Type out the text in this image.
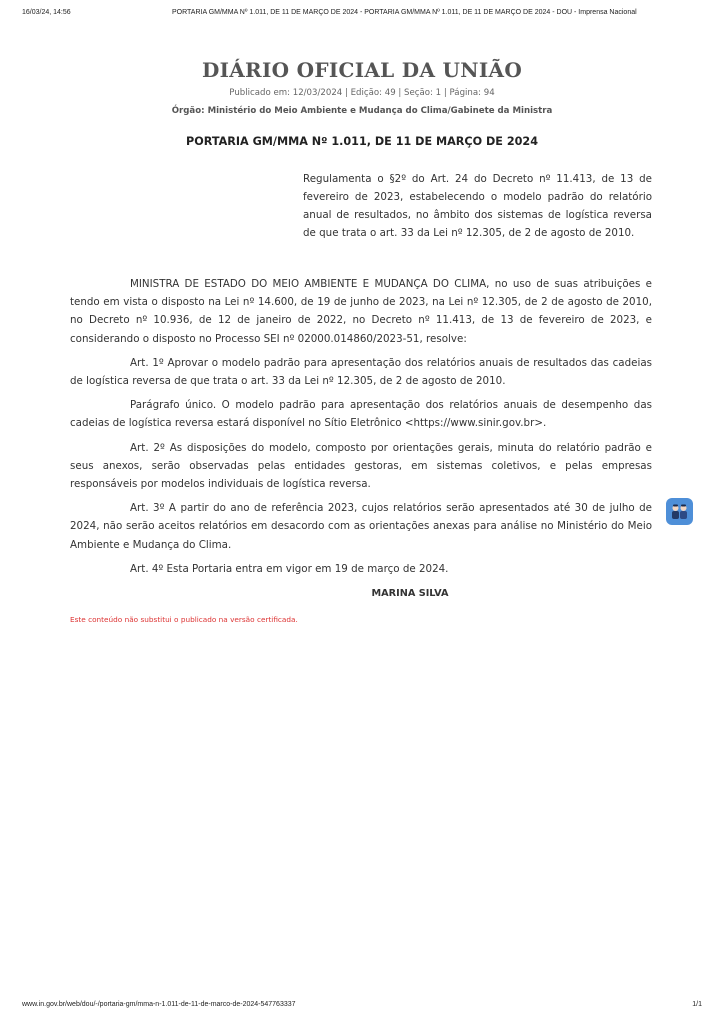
16/03/24, 14:56	PORTARIA GM/MMA Nº 1.011, DE 11 DE MARÇO DE 2024 - PORTARIA GM/MMA Nº 1.011, DE 11 DE MARÇO DE 2024 - DOU - Imprensa Nacional
DIÁRIO OFICIAL DA UNIÃO
Publicado em: 12/03/2024 | Edição: 49 | Seção: 1 | Página: 94
Órgão: Ministério do Meio Ambiente e Mudança do Clima/Gabinete da Ministra
PORTARIA GM/MMA Nº 1.011, DE 11 DE MARÇO DE 2024
Regulamenta o §2º do Art. 24 do Decreto nº 11.413, de 13 de fevereiro de 2023, estabelecendo o modelo padrão do relatório anual de resultados, no âmbito dos sistemas de logística reversa de que trata o art. 33 da Lei nº 12.305, de 2 de agosto de 2010.

MINISTRA DE ESTADO DO MEIO AMBIENTE E MUDANÇA DO CLIMA, no uso de suas atribuições e tendo em vista o disposto na Lei nº 14.600, de 19 de junho de 2023, na Lei nº 12.305, de 2 de agosto de 2010, no Decreto nº 10.936, de 12 de janeiro de 2022, no Decreto nº 11.413, de 13 de fevereiro de 2023, e considerando o disposto no Processo SEI nº 02000.014860/2023-51, resolve:

Art. 1º Aprovar o modelo padrão para apresentação dos relatórios anuais de resultados das cadeias de logística reversa de que trata o art. 33 da Lei nº 12.305, de 2 de agosto de 2010.

Parágrafo único. O modelo padrão para apresentação dos relatórios anuais de desempenho das cadeias de logística reversa estará disponível no Sítio Eletrônico <https://www.sinir.gov.br>.

Art. 2º As disposições do modelo, composto por orientações gerais, minuta do relatório padrão e seus anexos, serão observadas pelas entidades gestoras, em sistemas coletivos, e pelas empresas responsáveis por modelos individuais de logística reversa.

Art. 3º A partir do ano de referência 2023, cujos relatórios serão apresentados até 30 de julho de 2024, não serão aceitos relatórios em desacordo com as orientações anexas para análise no Ministério do Meio Ambiente e Mudança do Clima.

Art. 4º Esta Portaria entra em vigor em 19 de março de 2024.

MARINA SILVA
Este conteúdo não substitui o publicado na versão certificada.
www.in.gov.br/web/dou/-/portaria-gm/mma-n-1.011-de-11-de-marco-de-2024-547763337	1/1
